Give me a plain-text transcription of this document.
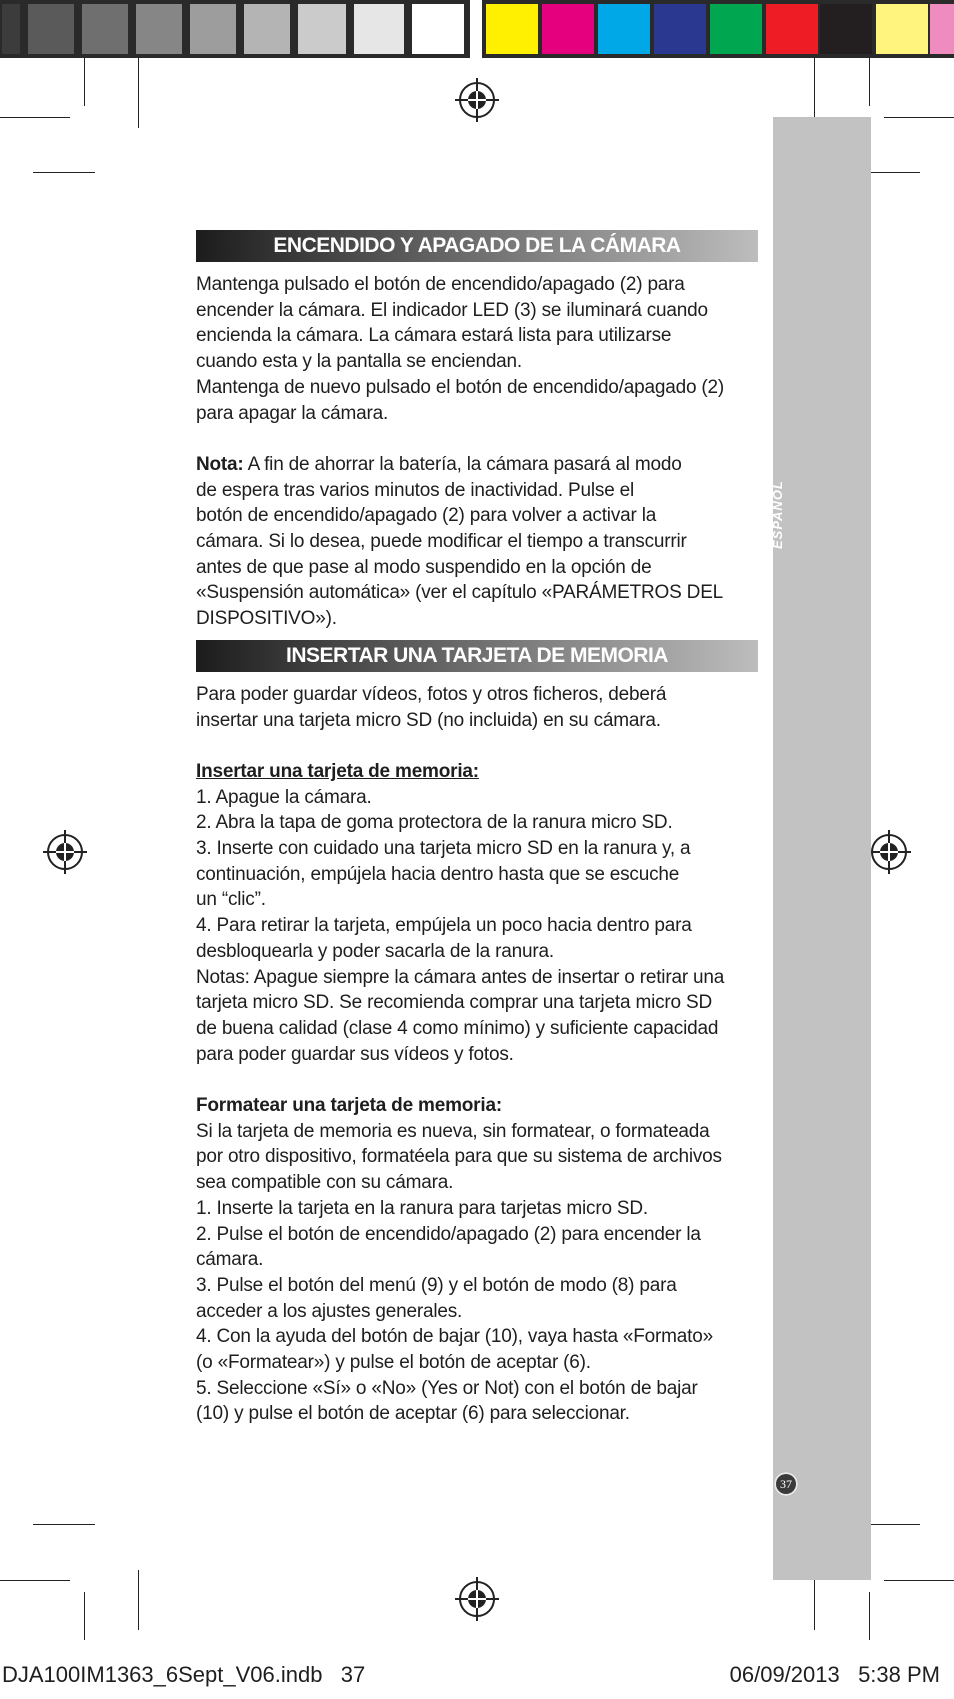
ESPAÑOL
37
ENCENDIDO Y APAGADO DE LA CÁMARA

Mantenga pulsado el botón de encendido/apagado (2) para

encender la cámara. El indicador LED (3) se iluminará cuando

encienda la cámara. La cámara estará lista para utilizarse

cuando esta y la pantalla se enciendan.

Mantenga de nuevo pulsado el botón de encendido/apagado (2)

para apagar la cámara.

Nota: A fin de ahorrar la batería, la cámara pasará al modo

de espera tras varios minutos de inactividad. Pulse el

botón de encendido/apagado (2) para volver a activar la

cámara. Si lo desea, puede modificar el tiempo a transcurrir

antes de que pase al modo suspendido en la opción de

«Suspensión automática» (ver el capítulo «PARÁMETROS DEL

DISPOSITIVO»).

INSERTAR UNA TARJETA DE MEMORIA

Para poder guardar vídeos, fotos y otros ficheros, deberá

insertar una tarjeta micro SD (no incluida) en su cámara.

Insertar una tarjeta de memoria:

1. Apague la cámara.

2. Abra la tapa de goma protectora de la ranura micro SD.

3. Inserte con cuidado una tarjeta micro SD en la ranura y, a

continuación, empújela hacia dentro hasta que se escuche

un “clic”.

4. Para retirar la tarjeta, empújela un poco hacia dentro para

desbloquearla y poder sacarla de la ranura.

Notas: Apague siempre la cámara antes de insertar o retirar una

tarjeta micro SD. Se recomienda comprar una tarjeta micro SD

de buena calidad (clase 4 como mínimo) y suficiente capacidad

para poder guardar sus vídeos y fotos.

Formatear una tarjeta de memoria:

Si la tarjeta de memoria es nueva, sin formatear, o formateada

por otro dispositivo, formatéela para que su sistema de archivos

sea compatible con su cámara.

1. Inserte la tarjeta en la ranura para tarjetas micro SD.

2. Pulse el botón de encendido/apagado (2) para encender la

cámara.

3. Pulse el botón del menú (9) y el botón de modo (8) para

acceder a los ajustes generales.

4. Con la ayuda del botón de bajar (10), vaya hasta «Formato»

(o «Formatear») y pulse el botón de aceptar (6).

5. Seleccione «Sí» o «No» (Yes or Not) con el botón de bajar

(10) y pulse el botón de aceptar (6) para seleccionar.

DJA100IM1363_6Sept_V06.indb   37	06/09/2013   5:38 PM
